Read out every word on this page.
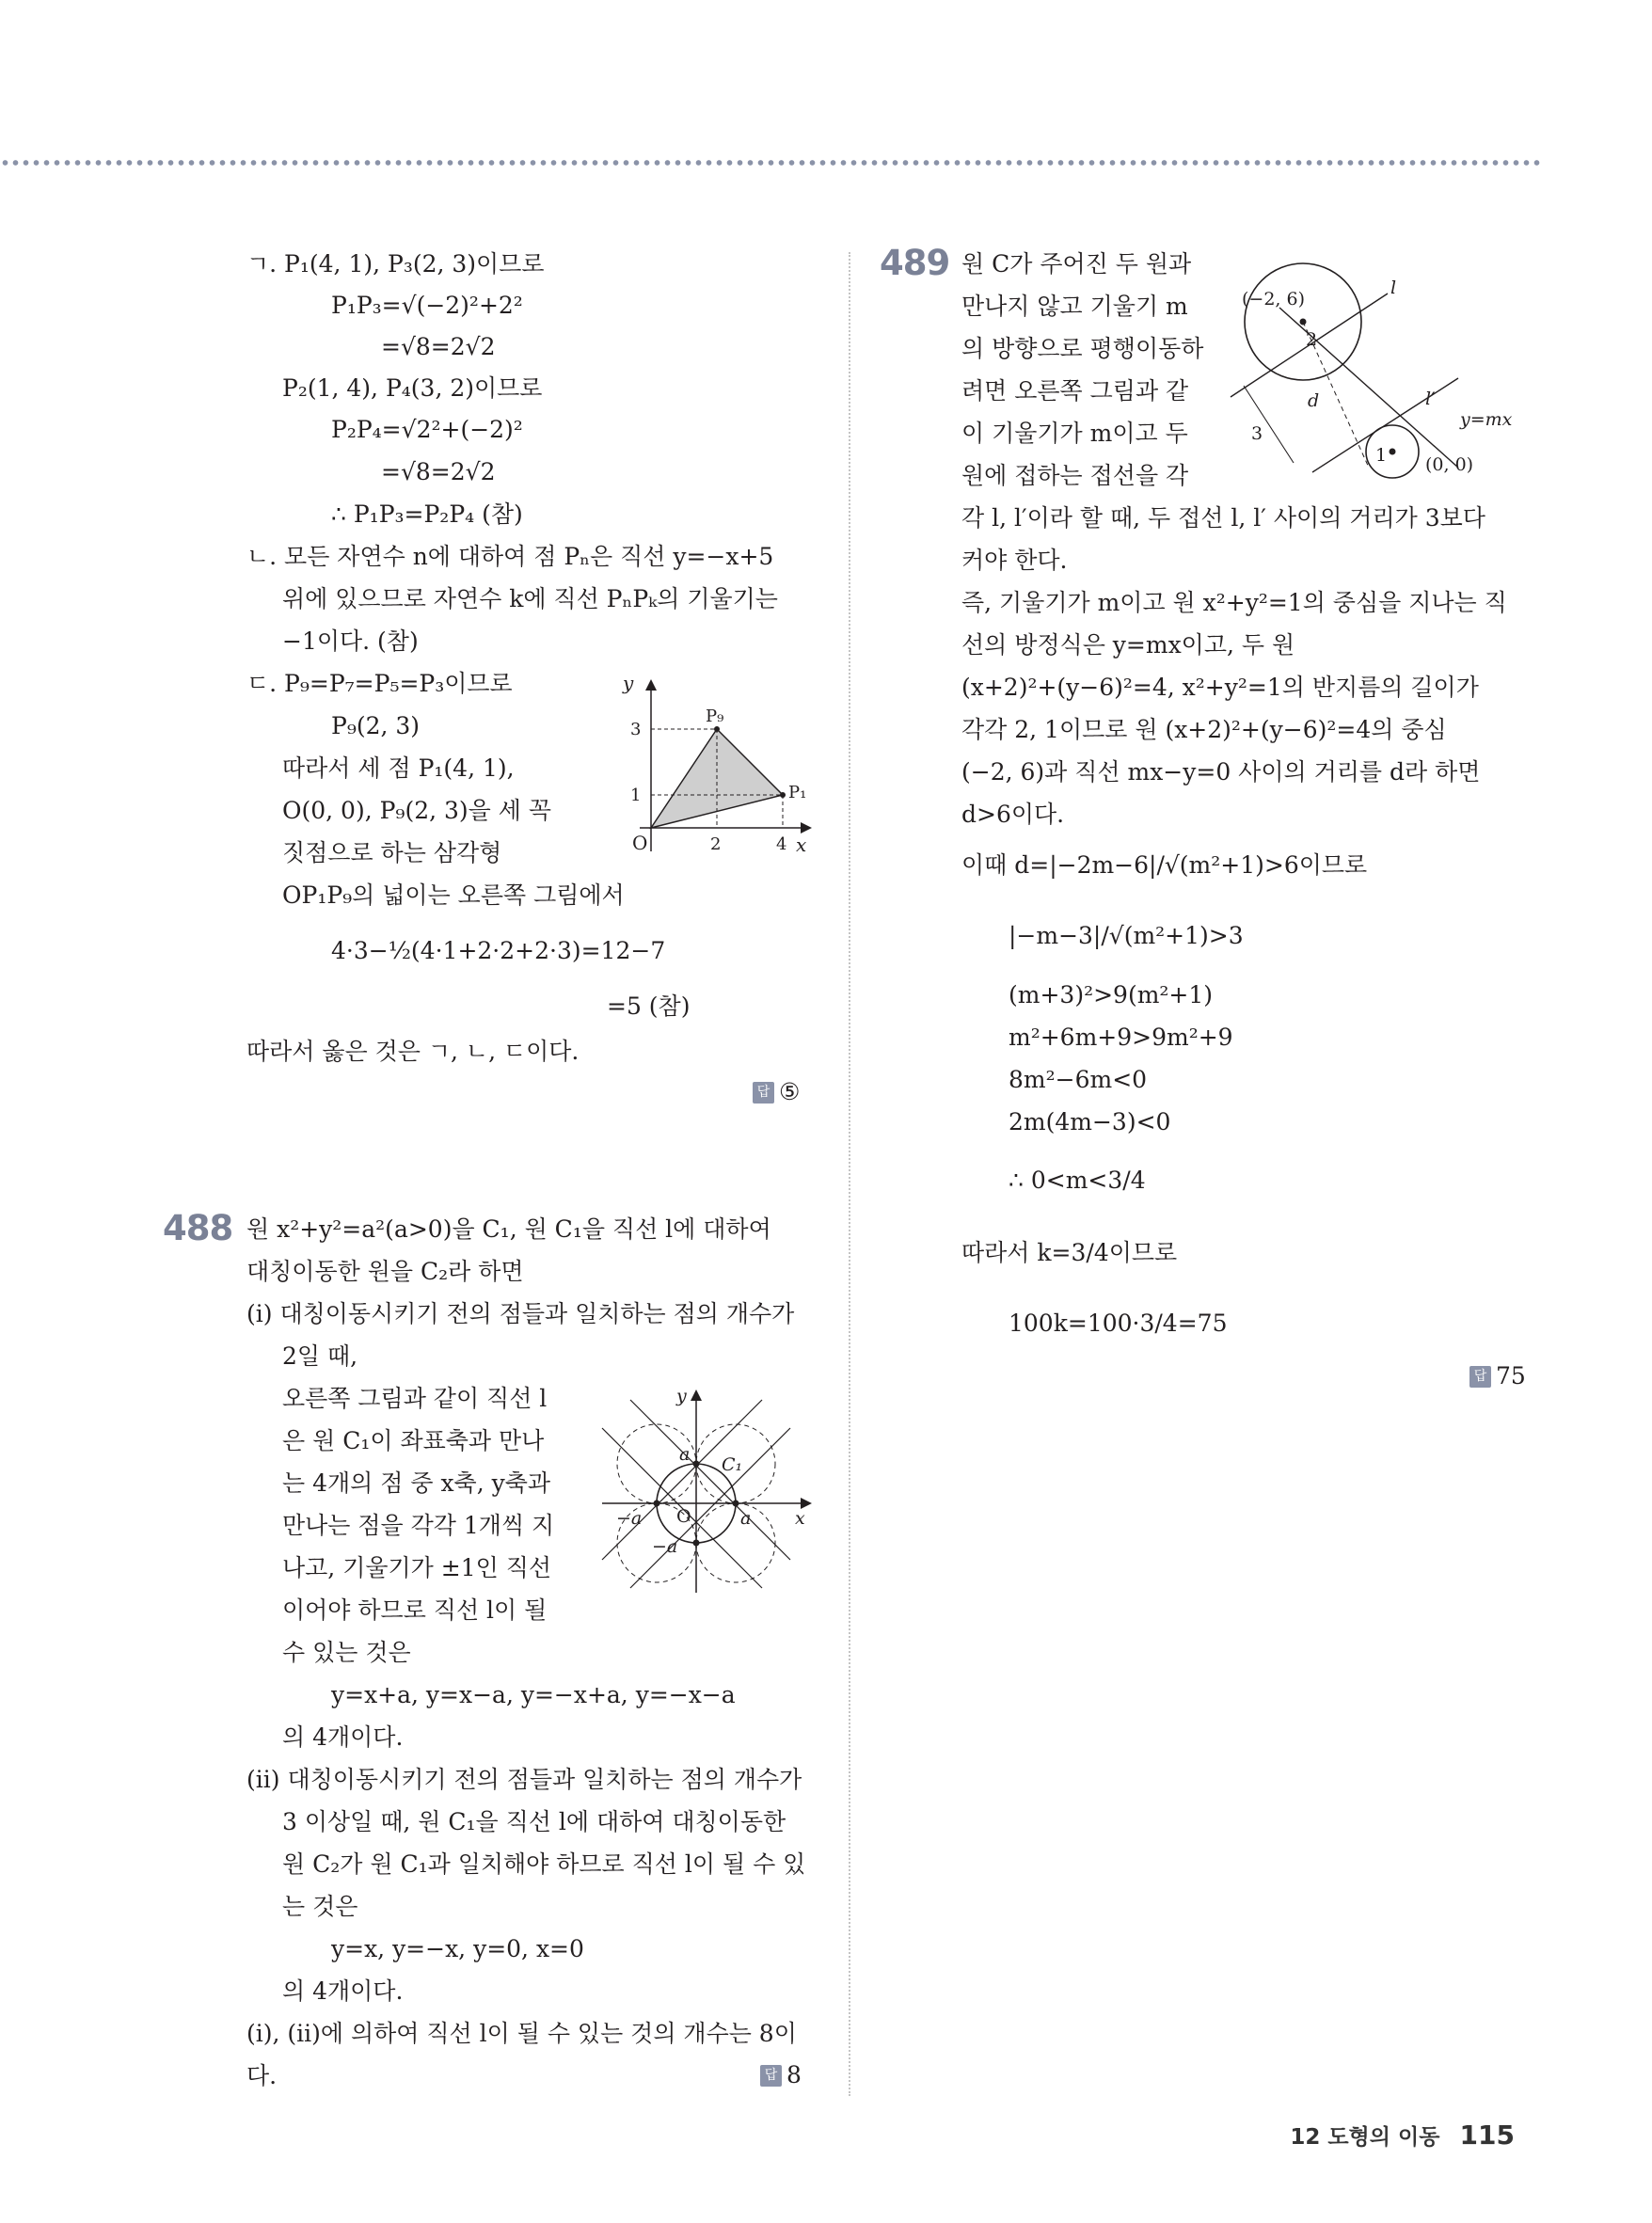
ㄱ. P₁(4, 1), P₃(2, 3)이므로
P₁P₃=√(−2)²+2²
=√8=2√2
P₂(1, 4), P₄(3, 2)이므로
P₂P₄=√2²+(−2)²
=√8=2√2
∴ P₁P₃=P₂P₄ (참)
ㄴ. 모든 자연수 n에 대하여 점 Pₙ은 직선 y=−x+5
위에 있으므로 자연수 k에 직선 PₙPₖ의 기울기는
−1이다. (참)
ㄷ. P₉=P₇=P₅=P₃이므로
P₉(2, 3)
따라서 세 점 P₁(4, 1),
O(0, 0), P₉(2, 3)을 세 꼭
짓점으로 하는 삼각형
OP₁P₉의 넓이는 오른쪽 그림에서
4·3−½(4·1+2·2+2·3)=12−7
=5 (참)
따라서 옳은 것은 ㄱ, ㄴ, ㄷ이다.
답 ⑤
y
x
O
P₉
P₁
3
1
2	4
488 원 x²+y²=a²(a>0)을 C₁, 원 C₁을 직선 l에 대하여
대칭이동한 원을 C₂라 하면
(i) 대칭이동시키기 전의 점들과 일치하는 점의 개수가
2일 때,
오른쪽 그림과 같이 직선 l
은 원 C₁이 좌표축과 만나
는 4개의 점 중 x축, y축과
만나는 점을 각각 1개씩 지
나고, 기울기가 ±1인 직선
이어야 하므로 직선 l이 될
수 있는 것은
y=x+a, y=x−a, y=−x+a, y=−x−a
의 4개이다.
(ii) 대칭이동시키기 전의 점들과 일치하는 점의 개수가
3 이상일 때, 원 C₁을 직선 l에 대하여 대칭이동한
원 C₂가 원 C₁과 일치해야 하므로 직선 l이 될 수 있
는 것은
y=x, y=−x, y=0, x=0
의 4개이다.
(i), (ii)에 의하여 직선 l이 될 수 있는 것의 개수는 8이
다.	답 8
y
x
O	a
−a
a
−a
C₁
489 원 C가 주어진 두 원과
만나지 않고 기울기 m
의 방향으로 평행이동하
려면 오른쪽 그림과 같
이 기울기가 m이고 두
원에 접하는 접선을 각
각 l, l′이라 할 때, 두 접선 l, l′ 사이의 거리가 3보다
커야 한다.
즉, 기울기가 m이고 원 x²+y²=1의 중심을 지나는 직
선의 방정식은 y=mx이고, 두 원
(x+2)²+(y−6)²=4, x²+y²=1의 반지름의 길이가
각각 2, 1이므로 원 (x+2)²+(y−6)²=4의 중심
(−2, 6)과 직선 mx−y=0 사이의 거리를 d라 하면
d>6이다.
이때 d=|−2m−6|/√(m²+1)>6이므로
|−m−3|/√(m²+1)>3
(m+3)²>9(m²+1)
m²+6m+9>9m²+9
8m²−6m<0
2m(4m−3)<0
∴ 0<m<3/4
따라서 k=3/4이므로
100k=100·3/4=75
답 75
(−2, 6)
2
l
d	l′
y=mx
3
1 (0, 0)
12 도형의 이동 115
